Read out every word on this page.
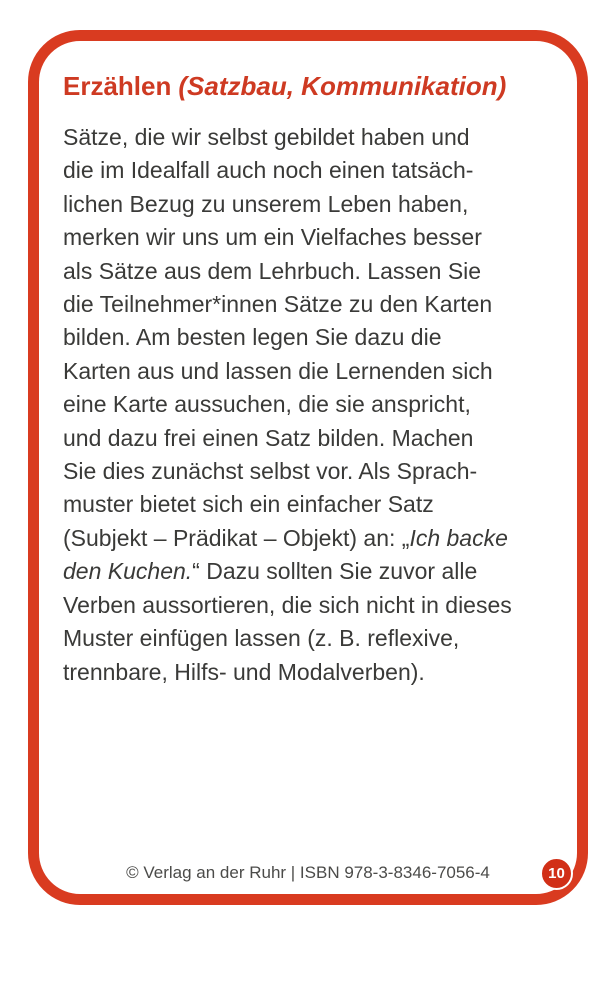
Erzählen (Satzbau, Kommunikation)
Sätze, die wir selbst gebildet haben und
die im Idealfall auch noch einen tatsäch-
lichen Bezug zu unserem Leben haben,
merken wir uns um ein Vielfaches besser
als Sätze aus dem Lehrbuch. Lassen Sie
die Teilnehmer*innen Sätze zu den Karten
bilden. Am besten legen Sie dazu die
Karten aus und lassen die Lernenden sich
eine Karte aussuchen, die sie anspricht,
und dazu frei einen Satz bilden. Machen
Sie dies zunächst selbst vor. Als Sprach-
muster bietet sich ein einfacher Satz
(Subjekt – Prädikat – Objekt) an: „Ich backe
den Kuchen.“ Dazu sollten Sie zuvor alle
Verben aussortieren, die sich nicht in dieses
Muster einfügen lassen (z. B. reflexive,
trennbare, Hilfs- und Modalverben).
© Verlag an der Ruhr | ISBN 978-3-8346-7056-4	10
